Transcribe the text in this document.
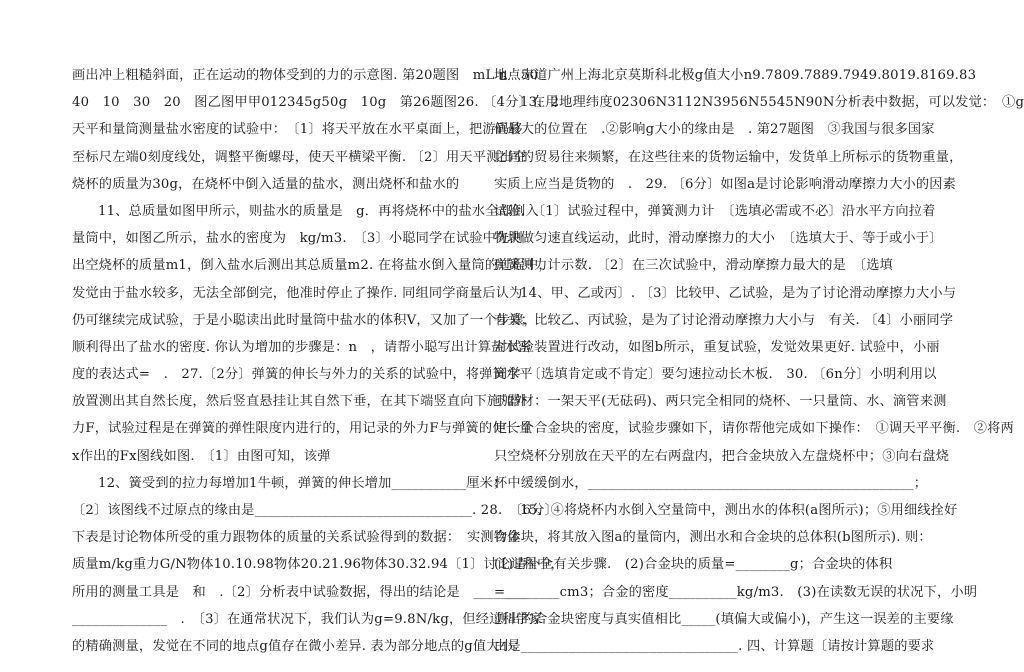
画出冲上粗糙斜面，正在运动的物体受到的力的示意图. 第20题图　mL n　50
40　10　30　20　图乙图甲甲012345g50g　10g　第26题图26. 〔4分〕在用
天平和量筒测量盐水密度的试验中：　〔1〕将天平放在水平桌面上，把游码移
至标尺左端0刻度线处，调整平衡螺母，使天平横梁平衡. 〔2〕用天平测出空
烧杯的质量为30g，在烧杯中倒入适量的盐水，测出烧杯和盐水的
11、总质量如图甲所示，则盐水的质量是　g．再将烧杯中的盐水全部倒入
量筒中，如图乙所示，盐水的密度为　kg/m3.　〔3〕小聪同学在试验中先测
出空烧杯的质量m1，倒入盐水后测出其总质量m2. 在将盐水倒入量筒的过程中，
发觉由于盐水较多，无法全部倒完，他准时停止了操作. 同组同学商量后认为
仍可继续完成试验，于是小聪读出此时量筒中盐水的体积V，又加了一个步骤，
顺利得出了盐水的密度. 你认为增加的步骤是：n　，请帮小聪写出计算盐水密
度的表达式=　.　27.〔2分〕弹簧的伸长与外力的关系的试验中，将弹簧水平
放置测出其自然长度，然后竖直悬挂让其自然下垂，在其下端竖直向下施加外
力F，试验过程是在弹簧的弹性限度内进行的，用记录的外力F与弹簧的伸长量
x作出的Fx图线如图.　〔1〕由图可知，该弹
12、簧受到的拉力每增加1牛顿，弹簧的伸长增加___________厘米；
〔2〕该图线不过原点的缘由是________________________________. 28.　〔6分〕
下表是讨论物体所受的重力跟物体的质量的关系试验得到的数据：　实测物体
质量m/kg重力G/N物体10.10.98物体20.21.96物体30.32.94〔1〕讨论过程中，
所用的测量工具是　和　.〔2〕分析表中试验数据，得出的结论是　________
______________　.　〔3〕在通常状况下，我们认为g=9.8N/kg，但经过科学家
的精确测量，发觉在不同的地点g值存在微小差异. 表为部分地点的g值大小：
地点赤道广州上海北京莫斯科北极g值大小n9.7809.7889.7949.8019.8169.83
13、2地理纬度02306N3112N3956N5545N90N分析表中数据，可以发觉：　①g
值最大的位置在　.②影响g大小的缘由是　. 第27题图　③我国与很多国家
之间的贸易往来频繁，在这些往来的货物运输中，发货单上所标示的货物重量，
实质上应当是货物的　.　29. 〔6分〕如图a是讨论影响滑动摩擦力大小的因素
试验.　〔1〕试验过程中，弹簧测力计　〔选填必需或不必〕沿水平方向拉着
物块做匀速直线运动，此时，滑动摩擦力的大小　〔选填大于、等于或小于〕
弹簧测力计示数. 〔2〕在三次试验中，滑动摩擦力最大的是　〔选填
14、甲、乙或丙〕. 〔3〕比较甲、乙试验，是为了讨论滑动摩擦力大小与
有关；比较乙、丙试验，是为了讨论滑动摩擦力大小与　有关. 〔4〕小丽同学
对试验装置进行改动，如图b所示，重复试验，发觉效果更好. 试验中，小丽
同学　〔选填肯定或不肯定〕要匀速拉动长木板.　30. 〔6n分〕小明利用以
下器材：一架天平(无砝码)、两只完全相同的烧杯、一只量筒、水、滴管来测
定一个合金块的密度，试验步骤如下，请你帮他完成如下操作：　①调天平平衡.　②将两
只空烧杯分别放在天平的左右两盘内，把合金块放入左盘烧杯中；③向右盘烧
杯中缓缓倒水，________________________________________________；
15、④将烧杯内水倒入空量筒中，测出水的体积(a图所示)；⑤用细线拴好
合金块，将其放入图a的量筒内，测出水和合金块的总体积(b图所示). 则：
(1)请补全有关步骤.　(2)合金块的质量=________g；合金块的体积
=________cm3；合金的密度__________kg/m3.　(3)在读数无误的状况下，小明
测出的合金块密度与真实值相比_____(填偏大或偏小)，产生这一误差的主要缘
由是________________________________. 四、计算题〔请按计算题的要求
